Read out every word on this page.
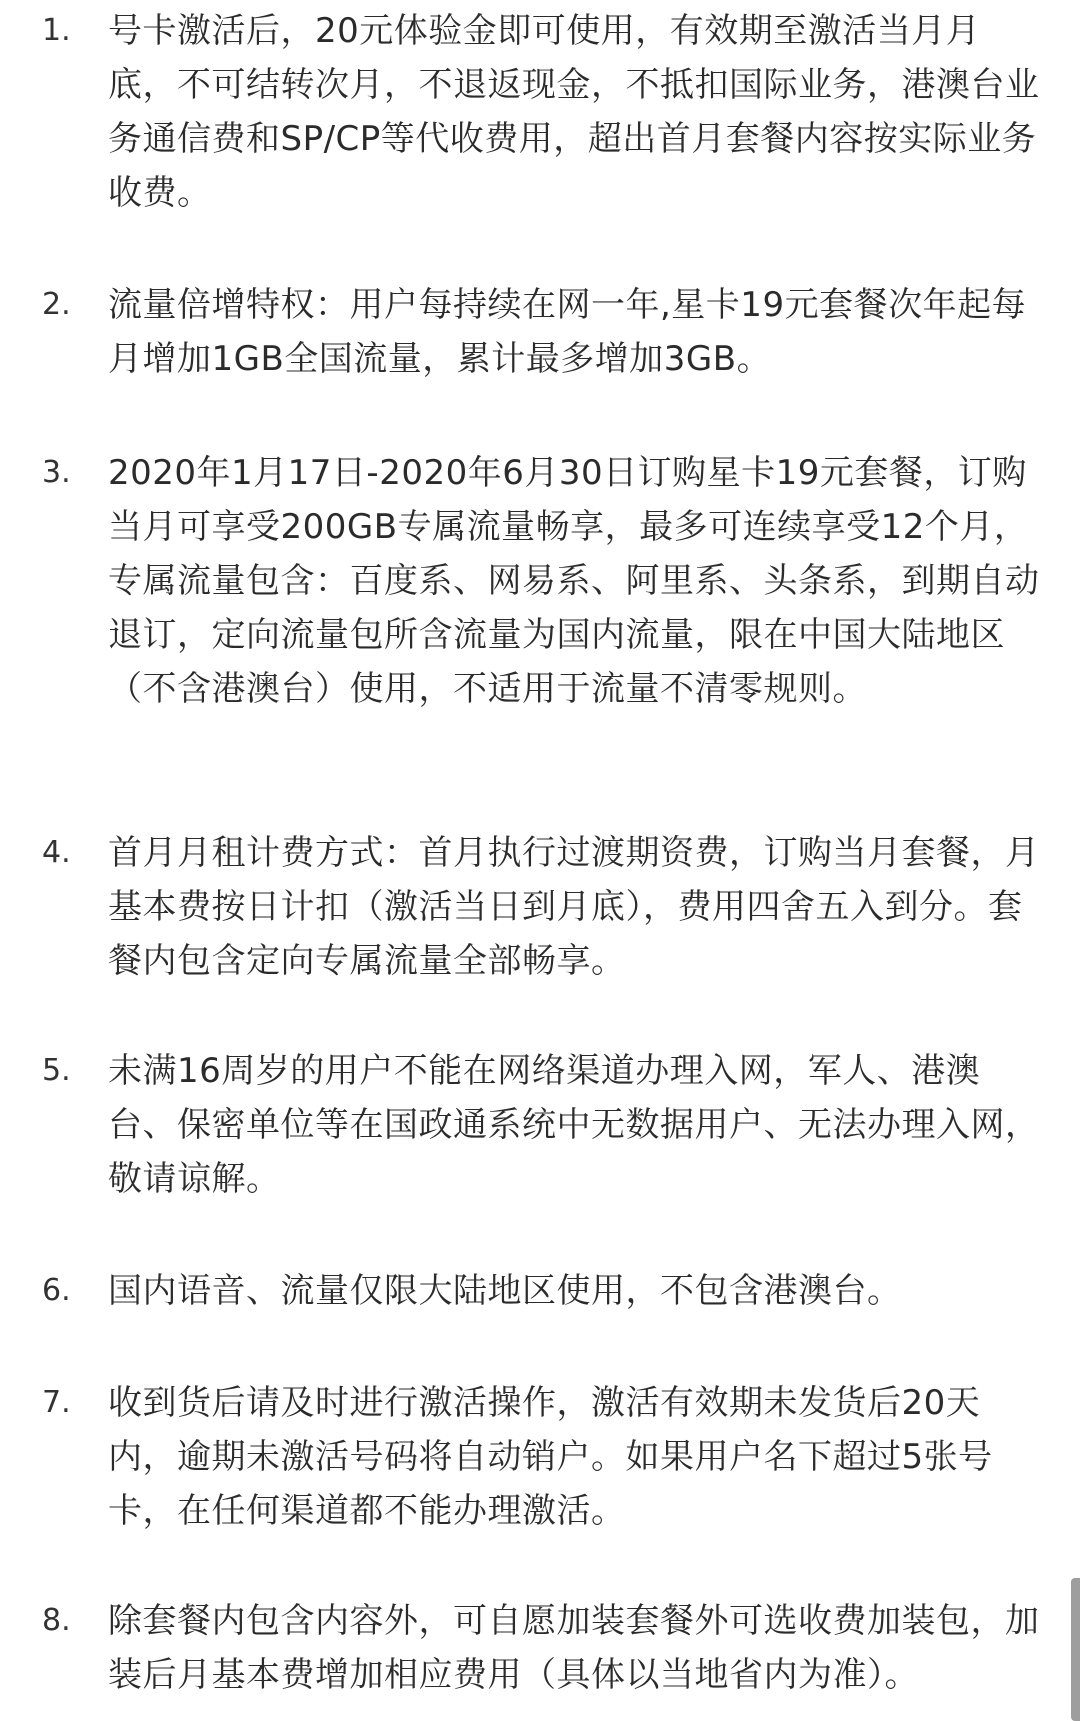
1.	号卡激活后，20元体验金即可使用，有效期至激活当月月底，不可结转次月，不退返现金，不抵扣国际业务，港澳台业务通信费和SP/CP等代收费用，超出首月套餐内容按实际业务收费。

2.	流量倍增特权：用户每持续在网一年,星卡19元套餐次年起每月增加1GB全国流量，累计最多增加3GB。

3.	2020年1月17日-2020年6月30日订购星卡19元套餐，订购当月可享受200GB专属流量畅享，最多可连续享受12个月，专属流量包含：百度系、网易系、阿里系、头条系，到期自动退订，定向流量包所含流量为国内流量，限在中国大陆地区（不含港澳台）使用，不适用于流量不清零规则。

4.	首月月租计费方式：首月执行过渡期资费，订购当月套餐，月基本费按日计扣（激活当日到月底），费用四舍五入到分。套餐内包含定向专属流量全部畅享。

5.	未满16周岁的用户不能在网络渠道办理入网，军人、港澳台、保密单位等在国政通系统中无数据用户、无法办理入网，敬请谅解。

6.	国内语音、流量仅限大陆地区使用，不包含港澳台。

7.	收到货后请及时进行激活操作，激活有效期未发货后20天内，逾期未激活号码将自动销户。如果用户名下超过5张号卡，在任何渠道都不能办理激活。

8.	除套餐内包含内容外，可自愿加装套餐外可选收费加装包，加装后月基本费增加相应费用（具体以当地省内为准）。
